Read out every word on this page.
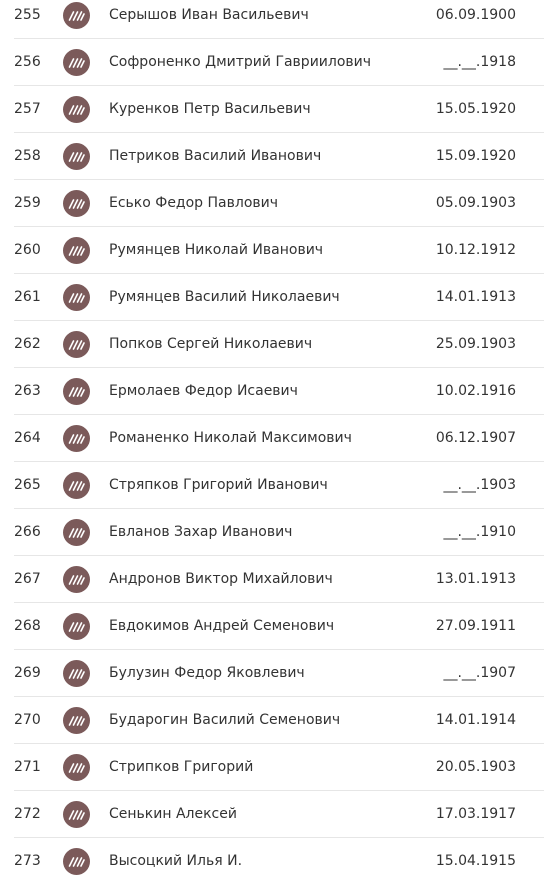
255	Серышов Иван Васильевич	06.09.1900
256	Софроненко Дмитрий Гавриилович	__.__.1918
257	Куренков Петр Васильевич	15.05.1920
258	Петриков Василий Иванович	15.09.1920
259	Есько Федор Павлович	05.09.1903
260	Румянцев Николай Иванович	10.12.1912
261	Румянцев Василий Николаевич	14.01.1913
262	Попков Сергей Николаевич	25.09.1903
263	Ермолаев Федор Исаевич	10.02.1916
264	Романенко Николай Максимович	06.12.1907
265	Стряпков Григорий Иванович	__.__.1903
266	Евланов Захар Иванович	__.__.1910
267	Андронов Виктор Михайлович	13.01.1913
268	Евдокимов Андрей Семенович	27.09.1911
269	Булузин Федор Яковлевич	__.__.1907
270	Бударогин Василий Семенович	14.01.1914
271	Стрипков Григорий	20.05.1903
272	Сенькин Алексей	17.03.1917
273	Высоцкий Илья И.	15.04.1915
